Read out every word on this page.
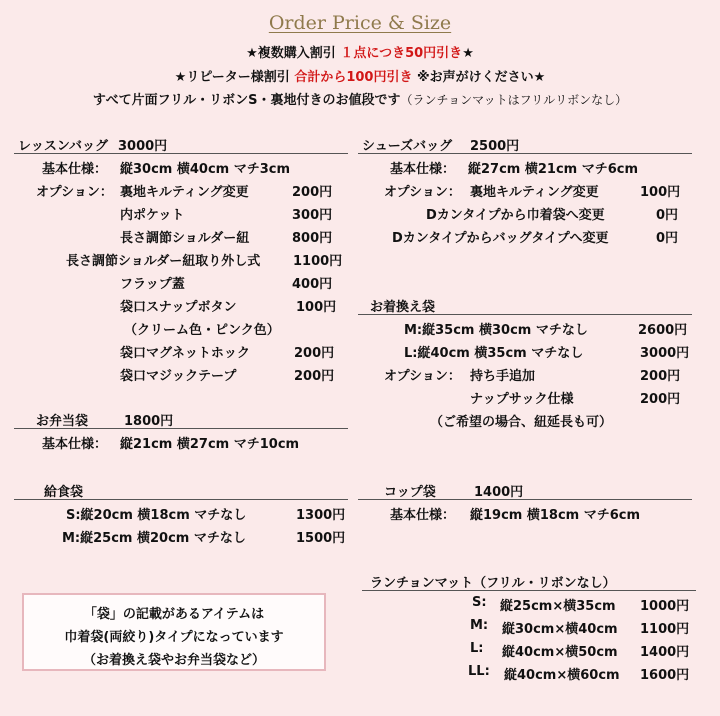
Order Price & Size
★複数購入割引 １点につき50円引き★
★リピーター様割引 合計から100円引き ※お声がけください★
すべて片面フリル・リボンS・裏地付きのお値段です（ランチョンマットはフリルリボンなし）
レッスンバッグ 3000円
基本仕様： 縦30cm 横40cm マチ3cm
オプション： 裏地キルティング変更	200円
内ポケット	300円
長さ調節ショルダー紐	800円
長さ調節ショルダー紐取り外し式	1100円
フラップ蓋	400円
袋口スナップボタン	100円
（クリーム色・ピンク色）
袋口マグネットホック	200円
袋口マジックテープ	200円
お弁当袋	1800円
基本仕様： 縦21cm 横27cm マチ10cm
給食袋
S:縦20cm 横18cm マチなし	1300円
M:縦25cm 横20cm マチなし	1500円
「袋」の記載があるアイテムは
巾着袋(両絞り)タイプになっています
（お着換え袋やお弁当袋など）
シューズバッグ 2500円
基本仕様： 縦27cm 横21cm マチ6cm
オプション： 裏地キルティング変更	100円
Dカンタイプから巾着袋へ変更	0円
Dカンタイプからバッグタイプへ変更	0円
お着換え袋
M:縦35cm 横30cm マチなし	2600円
L:縦40cm 横35cm マチなし	3000円
オプション： 持ち手追加	200円
ナップサック仕様	200円
（ご希望の場合、紐延長も可）
コップ袋	1400円
基本仕様： 縦19cm 横18cm マチ6cm
ランチョンマット（フリル・リボンなし）
S: 縦25cm×横35cm 1000円
M: 縦30cm×横40cm 1100円
L: 縦40cm×横50cm 1400円
LL: 縦40cm×横60cm 1600円
